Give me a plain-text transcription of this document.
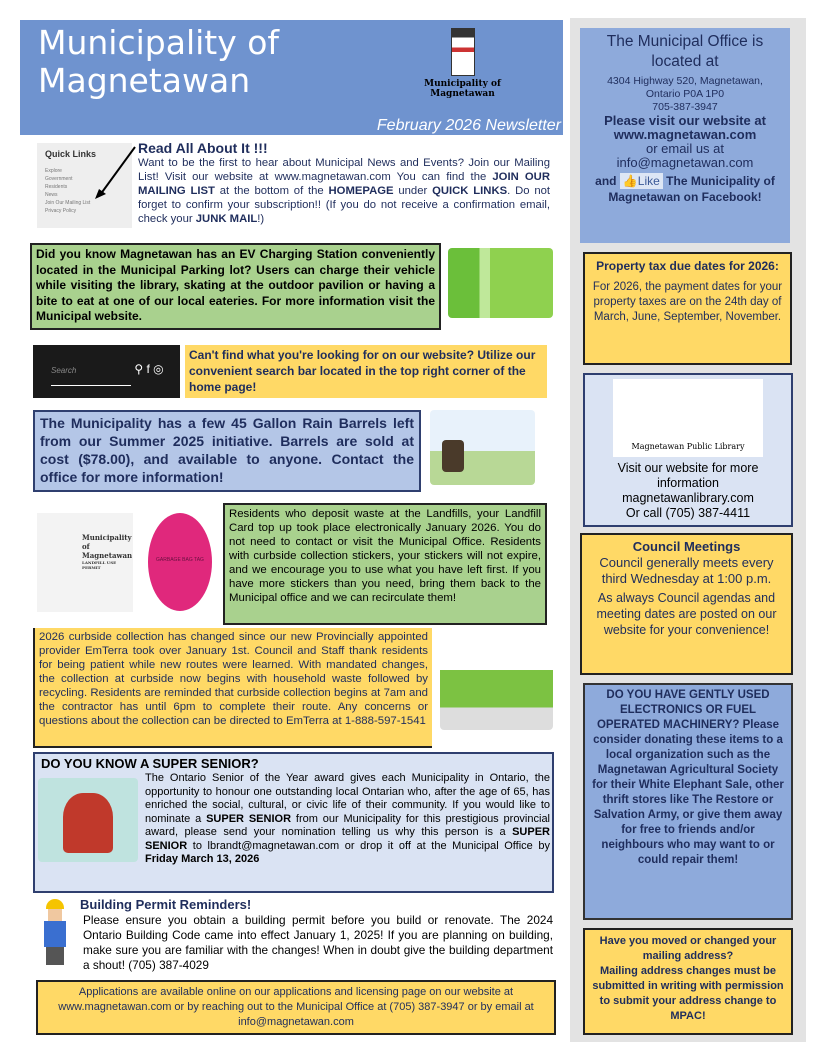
Municipality of
Magnetawan	Municipality of Magnetawan
February 2026 Newsletter
The Municipal Office is located at
4304 Highway 520, Magnetawan,
Ontario P0A 1P0
705-387-3947
Please visit our website at
www.magnetawan.com
or email us at
info@magnetawan.com
and 👍Like The Municipality of Magnetawan on Facebook!
Property tax due dates for 2026:
For 2026, the payment dates for your property taxes are on the 24th day of March, June, September, November.
Magnetawan Public Library
Visit our website for more information
magnetawanlibrary.com
Or call (705) 387-4411
Council Meetings
Council generally meets every third Wednesday at 1:00 p.m.
As always Council agendas and meeting dates are posted on our website for your convenience!
DO YOU HAVE GENTLY USED ELECTRONICS OR FUEL OPERATED MACHINERY? Please consider donating these items to a local organization such as the Magnetawan Agricultural Society for their White Elephant Sale, other thrift stores like The Restore or Salvation Army, or give them away for free to friends and/or neighbours who may want to or could repair them!
Have you moved or changed your mailing address?
Mailing address changes must be submitted in writing with permission to submit your address change to MPAC!
Quick Links
Explore
Government
Residents
News
Join Our Mailing List
Privacy Policy
Read All About It !!!
Want to be the first to hear about Municipal News and Events? Join our Mailing List! Visit our website at www.magnetawan.com You can find the JOIN OUR MAILING LIST at the bottom of the HOMEPAGE under QUICK LINKS. Do not forget to confirm your subscription!! (If you do not receive a confirmation email, check your JUNK MAIL!)
Did you know Magnetawan has an EV Charging Station conveniently located in the Municipal Parking lot? Users can charge their vehicle while visiting the library, skating at the outdoor pavilion or having a bite to eat at one of our local eateries. For more information visit the Municipal website.
Search	⚲ f ◎
Can't find what you're looking for on our website? Utilize our convenient search bar located in the top right corner of the home page!
The Municipality has a few 45 Gallon Rain Barrels left from our Summer 2025 initiative. Barrels are sold at cost ($78.00), and available to anyone. Contact the office for more information!
Municipality of Magnetawan
LANDFILL USE PERMIT
GARBAGE BAG TAG
Residents who deposit waste at the Landfills, your Landfill Card top up took place electronically January 2026. You do not need to contact or visit the Municipal Office. Residents with curbside collection stickers, your stickers will not expire, and we encourage you to use what you have left first. If you have more stickers than you need, bring them back to the Municipal office and we can recirculate them!
2026 curbside collection has changed since our new Provincially appointed provider EmTerra took over January 1st. Council and Staff thank residents for being patient while new routes were learned. With mandated changes, the collection at curbside now begins with household waste followed by recycling. Residents are reminded that curbside collection begins at 7am and the contractor has until 6pm to complete their route. Any concerns or questions about the collection can be directed to EmTerra at 1-888-597-1541
DO YOU KNOW A SUPER SENIOR?
The Ontario Senior of the Year award gives each Municipality in Ontario, the opportunity to honour one outstanding local Ontarian who, after the age of 65, has enriched the social, cultural, or civic life of their community. If you would like to nominate a SUPER SENIOR from our Municipality for this prestigious provincial award, please send your nomination telling us why this person is a SUPER SENIOR to lbrandt@magnetawan.com or drop it off at the Municipal Office by Friday March 13, 2026
Building Permit Reminders!
Please ensure you obtain a building permit before you build or renovate. The 2024 Ontario Building Code came into effect January 1, 2025! If you are planning on building, make sure you are familiar with the changes! When in doubt give the building department a shout! (705) 387-4029
Applications are available online on our applications and licensing page on our website at www.magnetawan.com or by reaching out to the Municipal Office at (705) 387-3947 or by email at info@magnetawan.com
